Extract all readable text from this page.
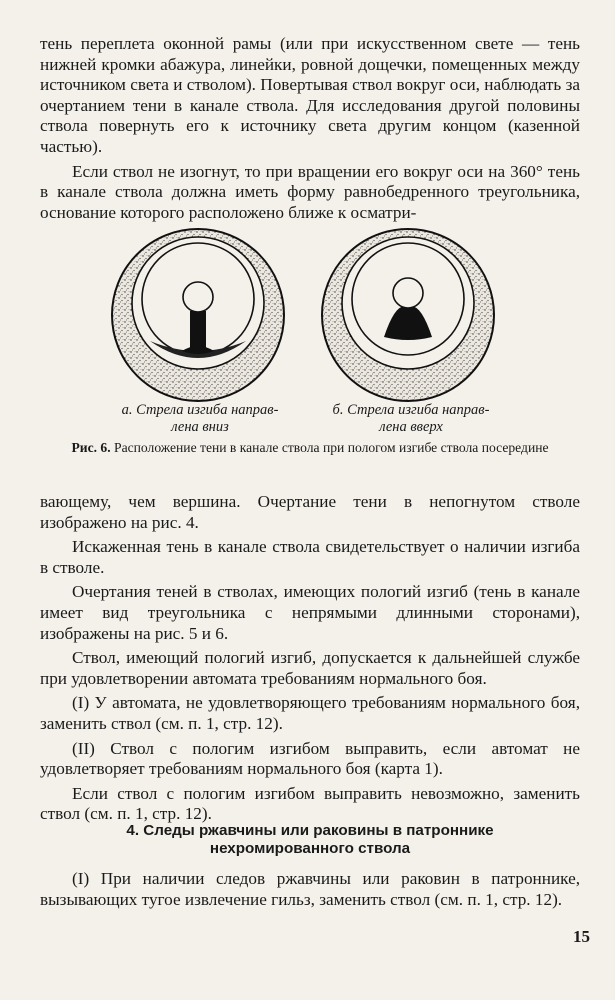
тень переплета оконной рамы (или при искусственном свете — тень нижней кромки абажура, линейки, ровной дощечки, помещенных между источником света и стволом). Повертывая ствол вокруг оси, наблюдать за очертанием тени в канале ствола. Для исследования другой половины ствола повернуть его к источнику света другим концом (казенной частью).

Если ствол не изогнут, то при вращении его вокруг оси на 360° тень в канале ствола должна иметь форму равнобедренного треугольника, основание которого расположено ближе к осматри-

а. Стрела изгиба направ-
лена вниз
б. Стрела изгиба направ-
лена вверх
Рис. 6. Расположение тени в канале ствола при пологом изгибе ствола посередине

вающему, чем вершина. Очертание тени в непогнутом стволе изображено на рис. 4.

Искаженная тень в канале ствола свидетельствует о наличии изгиба в стволе.

Очертания теней в стволах, имеющих пологий изгиб (тень в канале имеет вид треугольника с непрямыми длинными сторонами), изображены на рис. 5 и 6.

Ствол, имеющий пологий изгиб, допускается к дальнейшей службе при удовлетворении автомата требованиям нормального боя.

(I) У автомата, не удовлетворяющего требованиям нормального боя, заменить ствол (см. п. 1, стр. 12).

(II) Ствол с пологим изгибом выправить, если автомат не удовлетворяет требованиям нормального боя (карта 1).

Если ствол с пологим изгибом выправить невозможно, заменить ствол (см. п. 1, стр. 12).

4. Следы ржавчины или раковины в патроннике
нехромированного ствола

(I) При наличии следов ржавчины или раковин в патроннике, вызывающих тугое извлечение гильз, заменить ствол (см. п. 1, стр. 12).

15
